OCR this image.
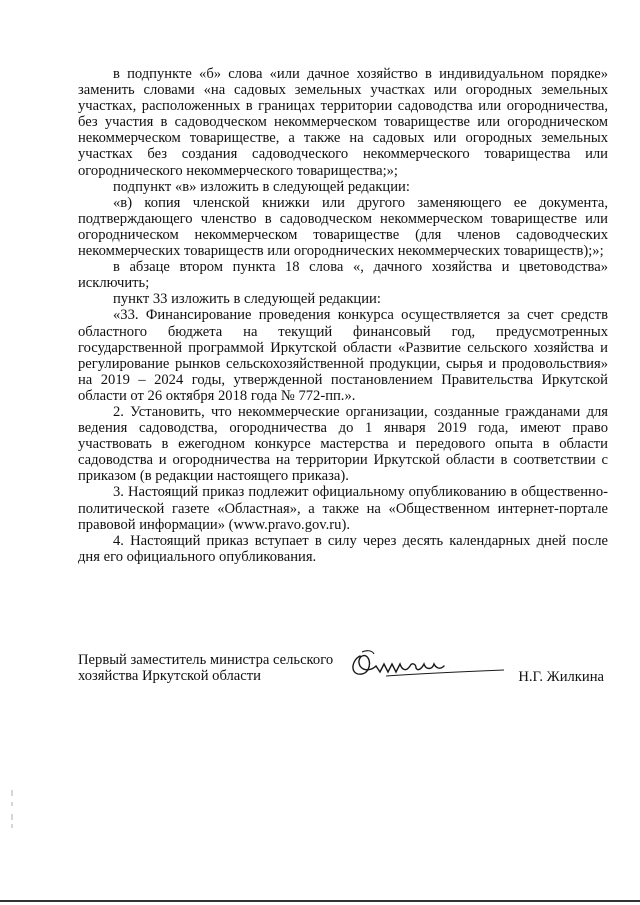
в подпункте «б» слова «или дачное хозяйство в индивидуальном порядке» заменить словами «на садовых земельных участках или огородных земельных участках, расположенных в границах территории садоводства или огородничества, без участия в садоводческом некоммерческом товариществе или огородническом некоммерческом товариществе, а также на садовых или огородных земельных участках без создания садоводческого некоммерческого товарищества или огороднического некоммерческого товарищества;»;

подпункт «в» изложить в следующей редакции:

«в) копия членской книжки или другого заменяющего ее документа, подтверждающего членство в садоводческом некоммерческом товариществе или огородническом некоммерческом товариществе (для членов садоводческих некоммерческих товариществ или огороднических некоммерческих товариществ);»;

в абзаце втором пункта 18 слова «, дачного хозяйства и цветоводства» исключить;

пункт 33 изложить в следующей редакции:

«33. Финансирование проведения конкурса осуществляется за счет средств областного бюджета на текущий финансовый год, предусмотренных государственной программой Иркутской области «Развитие сельского хозяйства и регулирование рынков сельскохозяйственной продукции, сырья и продовольствия» на 2019 – 2024 годы, утвержденной постановлением Правительства Иркутской области от 26 октября 2018 года № 772-пп.».

2. Установить, что некоммерческие организации, созданные гражданами для ведения садоводства, огородничества до 1 января 2019 года, имеют право участвовать в ежегодном конкурсе мастерства и передового опыта в области садоводства и огородничества на территории Иркутской области в соответствии с приказом (в редакции настоящего приказа).

3. Настоящий приказ подлежит официальному опубликованию в общественно-политической газете «Областная», а также на «Общественном интернет-портале правовой информации» (www.pravo.gov.ru).

4. Настоящий приказ вступает в силу через десять календарных дней после дня его официального опубликования.

Первый заместитель министра сельского
хозяйства Иркутской области	Н.Г. Жилкина
